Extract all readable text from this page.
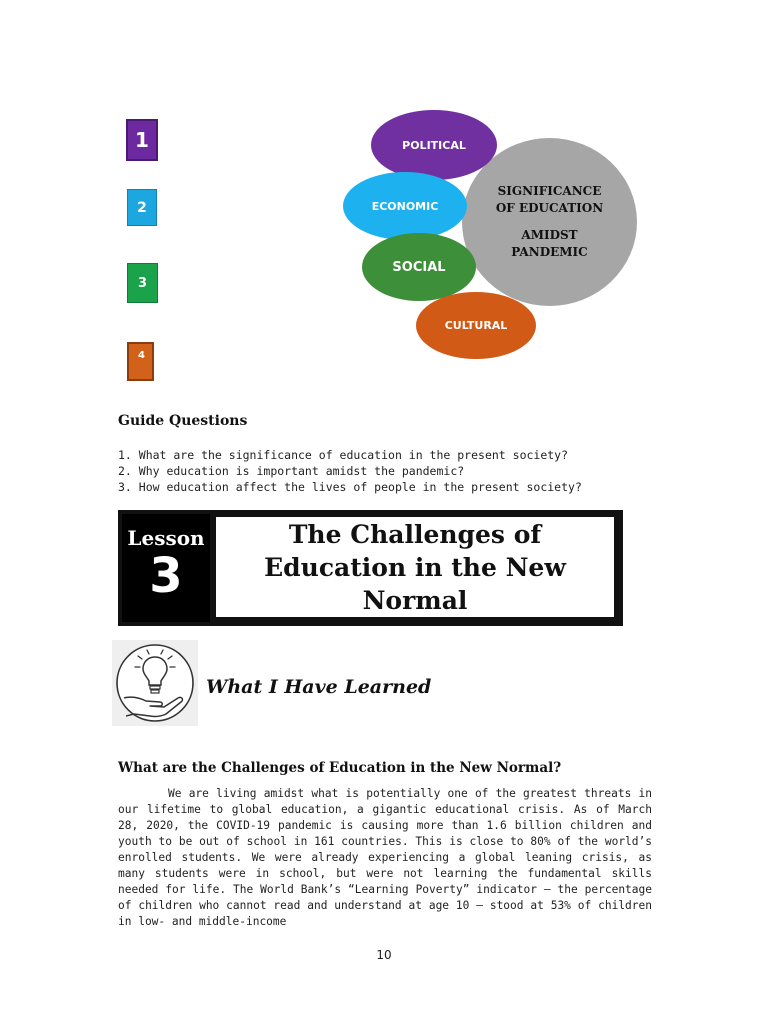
1
2
3
4
SIGNIFICANCE
OF EDUCATION
AMIDST
PANDEMIC
POLITICAL
ECONOMIC
SOCIAL
CULTURAL
Guide Questions
1. What are the significance of education in the present society?
2. Why education is important amidst the pandemic?
3. How education affect the lives of people in the present society?
Lesson
3
The Challenges of
Education in the New
Normal
What I Have Learned
What are the Challenges of Education in the New Normal?

We are living amidst what is potentially one of the greatest threats in our lifetime to global education, a gigantic educational crisis. As of March 28, 2020, the COVID-19 pandemic is causing more than 1.6 billion children and youth to be out of school in 161 countries. This is close to 80% of the world’s enrolled students. We were already experiencing a global leaning crisis, as many students were in school, but were not learning the fundamental skills needed for life. The World Bank’s “Learning Poverty” indicator – the percentage of children who cannot read and understand at age 10 – stood at 53% of children in low- and middle-income

10
